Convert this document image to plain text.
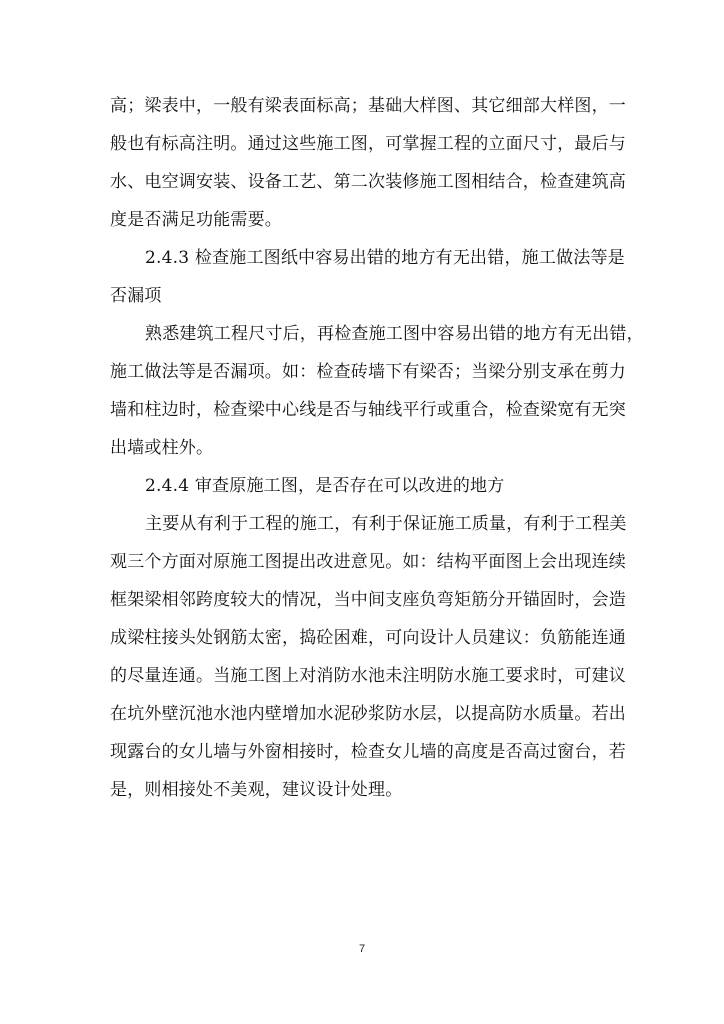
高；梁表中，一般有梁表面标高；基础大样图、其它细部大样图，一
般也有标高注明。通过这些施工图，可掌握工程的立面尺寸，最后与
水、电空调安装、设备工艺、第二次装修施工图相结合，检查建筑高
度是否满足功能需要。
2.4.3 检查施工图纸中容易出错的地方有无出错，施工做法等是
否漏项
熟悉建筑工程尺寸后，再检查施工图中容易出错的地方有无出错，
施工做法等是否漏项。如：检查砖墙下有梁否；当梁分别支承在剪力
墙和柱边时，检查梁中心线是否与轴线平行或重合，检查梁宽有无突
出墙或柱外。
2.4.4 审查原施工图，是否存在可以改进的地方
主要从有利于工程的施工，有利于保证施工质量，有利于工程美
观三个方面对原施工图提出改进意见。如：结构平面图上会出现连续
框架梁相邻跨度较大的情况，当中间支座负弯矩筋分开锚固时，会造
成梁柱接头处钢筋太密，捣砼困难，可向设计人员建议：负筋能连通
的尽量连通。当施工图上对消防水池未注明防水施工要求时，可建议
在坑外壁沉池水池内壁增加水泥砂浆防水层，以提高防水质量。若出
现露台的女儿墙与外窗相接时，检查女儿墙的高度是否高过窗台，若
是，则相接处不美观，建议设计处理。
7
